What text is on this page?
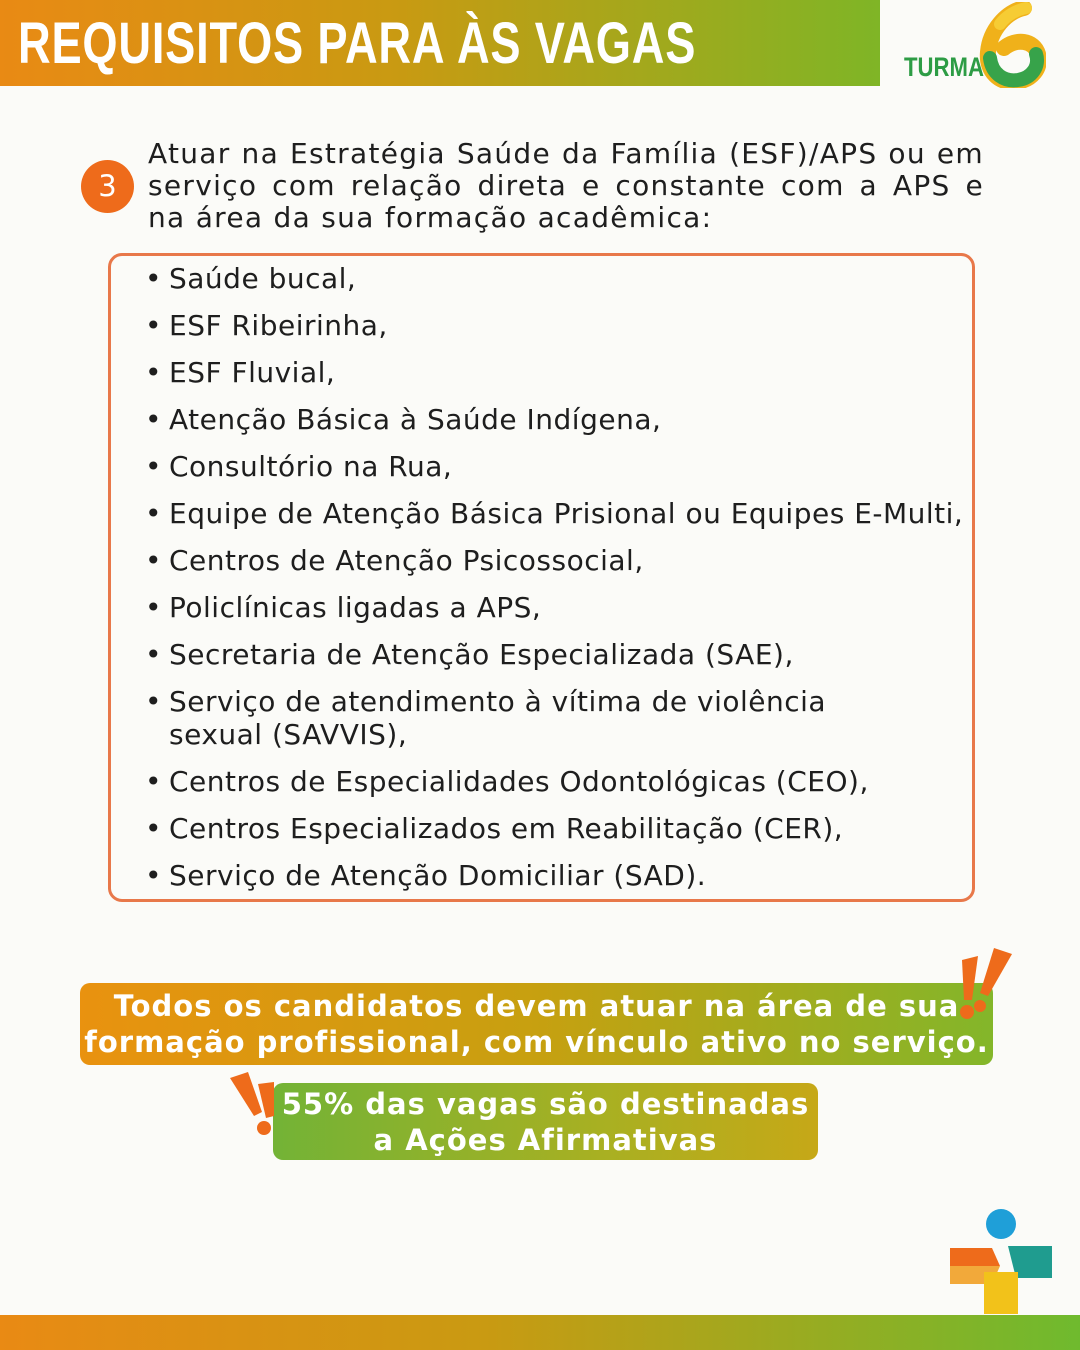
REQUISITOS PARA ÀS VAGAS	TURMA
3
Atuar na Estratégia Saúde da Família (ESF)/APS ou em serviço com relação direta e constante com a APS e na área da sua formação acadêmica:
• Saúde bucal,
• ESF Ribeirinha,
• ESF Fluvial,
• Atenção Básica à Saúde Indígena,
• Consultório na Rua,
• Equipe de Atenção Básica Prisional ou Equipes E-Multi,
• Centros de Atenção Psicossocial,
• Policlínicas ligadas a APS,
• Secretaria de Atenção Especializada (SAE),
• Serviço de atendimento à vítima de violência sexual (SAVVIS),
• Centros de Especialidades Odontológicas (CEO),
• Centros Especializados em Reabilitação (CER),
• Serviço de Atenção Domiciliar (SAD).
Todos os candidatos devem atuar na área de sua
formação profissional, com vínculo ativo no serviço.
55% das vagas são destinadas
a Ações Afirmativas
